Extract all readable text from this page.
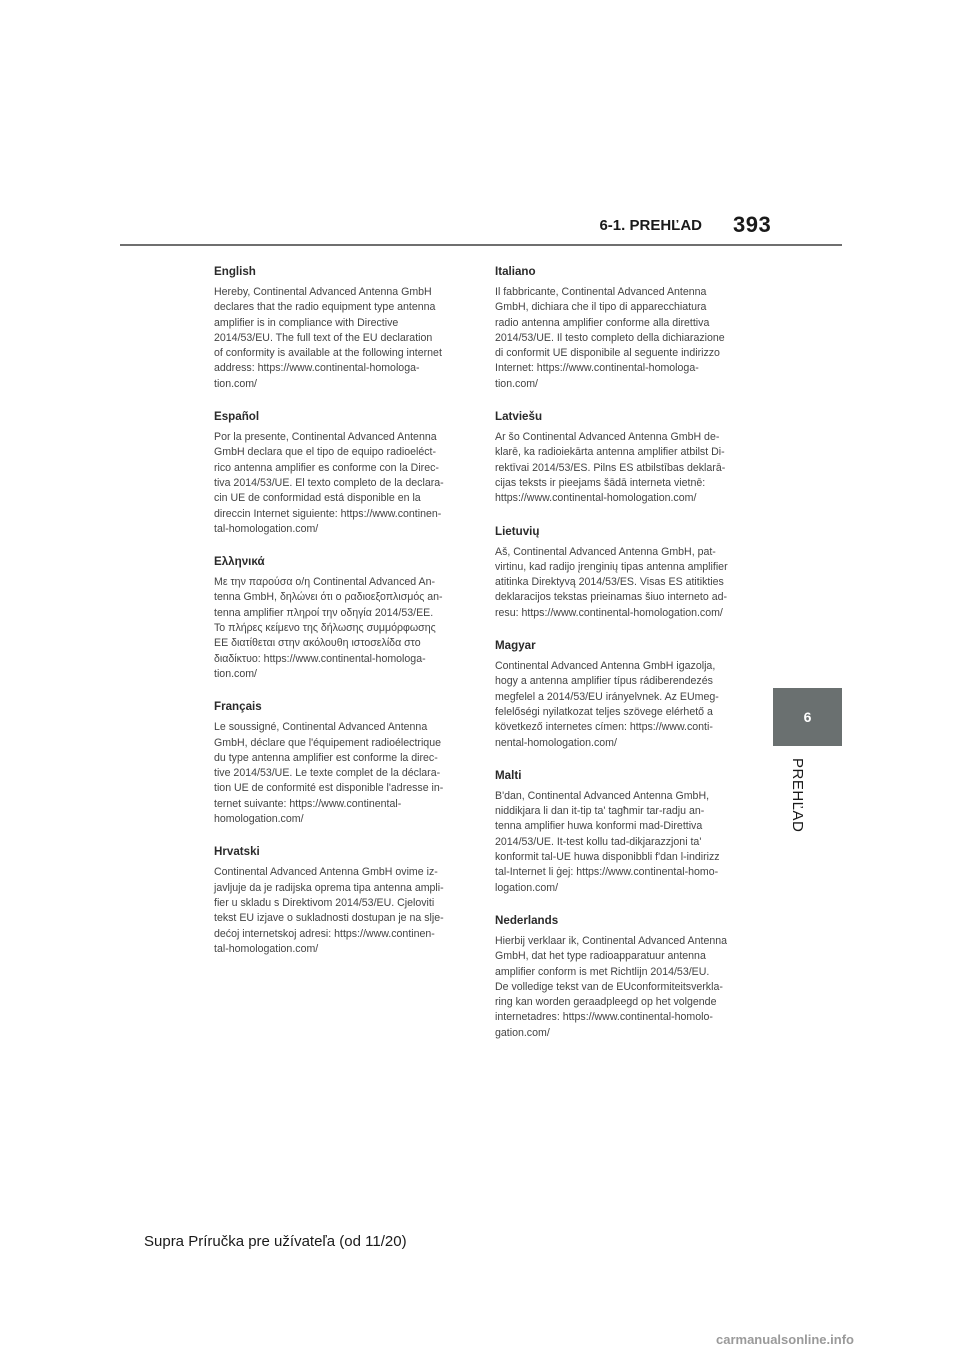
6-1. PREHĽAD 393
6
PREHĽAD
English

Hereby, Continental Advanced Antenna GmbH
declares that the radio equipment type antenna
amplifier is in compliance with Directive
2014/53/EU. The full text of the EU declaration
of conformity is available at the following internet
address: https://www.continental-homologa-
tion.com/

Español

Por la presente, Continental Advanced Antenna
GmbH declara que el tipo de equipo radioeléct-
rico antenna amplifier es conforme con la Direc-
tiva 2014/53/UE. El texto completo de la declara-
cin UE de conformidad está disponible en la
direccin Internet siguiente: https://www.continen-
tal-homologation.com/

Ελληνικά

Με την παρούσα ο/η Continental Advanced An-
tenna GmbH, δηλώνει ότι ο ραδιοεξοπλισμός an-
tenna amplifier πληροί την οδηγία 2014/53/ΕΕ.
Το πλήρες κείμενο της δήλωσης συμμόρφωσης
ΕΕ διατίθεται στην ακόλουθη ιστοσελίδα στο
διαδίκτυο: https://www.continental-homologa-
tion.com/

Français

Le soussigné, Continental Advanced Antenna
GmbH, déclare que l'équipement radioélectrique
du type antenna amplifier est conforme la direc-
tive 2014/53/UE. Le texte complet de la déclara-
tion UE de conformité est disponible l'adresse in-
ternet suivante: https://www.continental-
homologation.com/

Hrvatski

Continental Advanced Antenna GmbH ovime iz-
javljuje da je radijska oprema tipa antenna ampli-
fier u skladu s Direktivom 2014/53/EU. Cjeloviti
tekst EU izjave o sukladnosti dostupan je na slje-
dećoj internetskoj adresi: https://www.continen-
tal-homologation.com/

Italiano

Il fabbricante, Continental Advanced Antenna
GmbH, dichiara che il tipo di apparecchiatura
radio antenna amplifier conforme alla direttiva
2014/53/UE. Il testo completo della dichiarazione
di conformit UE disponibile al seguente indirizzo
Internet: https://www.continental-homologa-
tion.com/

Latviešu

Ar šo Continental Advanced Antenna GmbH de-
klarē, ka radioiekārta antenna amplifier atbilst Di-
rektīvai 2014/53/ES. Pilns ES atbilstības deklarā-
cijas teksts ir pieejams šādā interneta vietnē:
https://www.continental-homologation.com/

Lietuvių

Aš, Continental Advanced Antenna GmbH, pat-
virtinu, kad radijo įrenginių tipas antenna amplifier
atitinka Direktyvą 2014/53/ES. Visas ES atitikties
deklaracijos tekstas prieinamas šiuo interneto ad-
resu: https://www.continental-homologation.com/

Magyar

Continental Advanced Antenna GmbH igazolja,
hogy a antenna amplifier típus rádiberendezés
megfelel a 2014/53/EU irányelvnek. Az EUmeg-
felelőségi nyilatkozat teljes szövege elérhető a
következő internetes címen: https://www.conti-
nental-homologation.com/

Malti

B'dan, Continental Advanced Antenna GmbH,
niddikjara li dan it-tip ta' tagħmir tar-radju an-
tenna amplifier huwa konformi mad-Direttiva
2014/53/UE. It-test kollu tad-dikjarazzjoni ta'
konformit tal-UE huwa disponibbli f'dan l-indirizz
tal-Internet li ġej: https://www.continental-homo-
logation.com/

Nederlands

Hierbij verklaar ik, Continental Advanced Antenna
GmbH, dat het type radioapparatuur antenna
amplifier conform is met Richtlijn 2014/53/EU.
De volledige tekst van de EUconformiteitsverkla-
ring kan worden geraadpleegd op het volgende
internetadres: https://www.continental-homolo-
gation.com/

Supra Príručka pre užívateľa (od 11/20)
carmanualsonline.info
